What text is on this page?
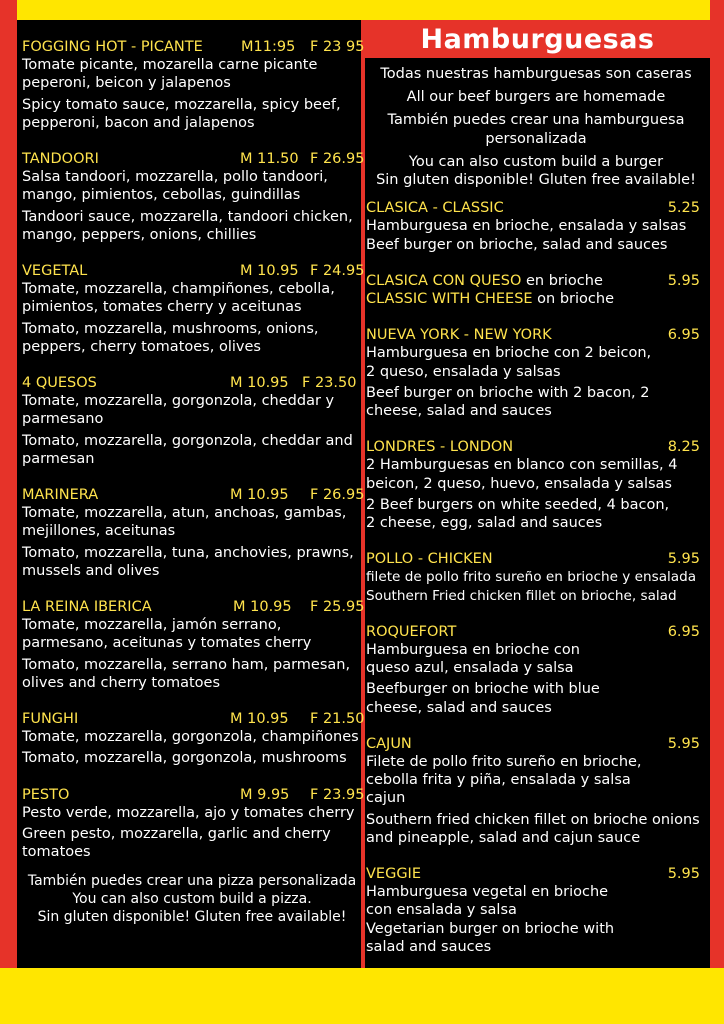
FOGGING HOT - PICANTE	M11:95 F 23 95

Tomate picante, mozarella carne picante peperoni, beicon y jalapenos

Spicy tomato sauce, mozzarella, spicy beef, pepperoni, bacon and jalapenos

TANDOORI	M 11.50 F 26.95

Salsa tandoori, mozzarella, pollo tandoori, mango, pimientos, cebollas, guindillas

Tandoori sauce, mozzarella, tandoori chicken, mango, peppers, onions, chillies

VEGETAL	M 10.95 F 24.95

Tomate, mozzarella, champiñones, cebolla, pimientos, tomates cherry y aceitunas

Tomato, mozzarella, mushrooms, onions, peppers, cherry tomatoes, olives

4 QUESOS	M 10.95 F 23.50

Tomate, mozzarella, gorgonzola, cheddar y parmesano

Tomato, mozzarella, gorgonzola, cheddar and parmesan

MARINERA	M 10.95 F 26.95

Tomate, mozzarella, atun, anchoas, gambas, mejillones, aceitunas

Tomato, mozzarella, tuna, anchovies, prawns, mussels and olives

LA REINA IBERICA	M 10.95 F 25.95

Tomate, mozzarella, jamón serrano, parmesano, aceitunas y tomates cherry

Tomato, mozzarella, serrano ham, parmesan, olives and cherry tomatoes

FUNGHI	M 10.95 F 21.50

Tomate, mozzarella, gorgonzola, champiñones

Tomato, mozzarella, gorgonzola, mushrooms

PESTO	M 9.95 F 23.95

Pesto verde, mozzarella, ajo y tomates cherry

Green pesto, mozzarella, garlic and cherry tomatoes

También puedes crear una pizza personalizada
You can also custom build a pizza.
Sin gluten disponible! Gluten free available!
Hamburguesas

Todas nuestras hamburguesas son caseras

All our beef burgers are homemade

También puedes crear una hamburguesa personalizada

You can also custom build a burger

Sin gluten disponible! Gluten free available!

CLASICA - CLASSIC	5.25
Hamburguesa en brioche, ensalada y salsas
Beef burger on brioche, salad and sauces
CLASICA CON QUESO en brioche	5.95
CLASSIC WITH CHEESE on brioche
NUEVA YORK - NEW YORK	6.95
Hamburguesa en brioche con 2 beicon, 2 queso, ensalada y salsas
Beef burger on brioche with 2 bacon, 2 cheese, salad and sauces
LONDRES - LONDON	8.25
2 Hamburguesas en blanco con semillas, 4 beicon, 2 queso, huevo, ensalada y salsas
2 Beef burgers on white seeded, 4 bacon, 2 cheese, egg, salad and sauces
POLLO - CHICKEN	5.95
filete de pollo frito sureño en brioche y ensalada
Southern Fried chicken fillet on brioche, salad
ROQUEFORT	6.95
Hamburguesa en brioche con queso azul, ensalada y salsa
Beefburger on brioche with blue cheese, salad and sauces
CAJUN	5.95
Filete de pollo frito sureño en brioche, cebolla frita y piña, ensalada y salsa cajun
Southern fried chicken fillet on brioche onions and pineapple, salad and cajun sauce
VEGGIE	5.95
Hamburguesa vegetal en brioche con ensalada y salsa
Vegetarian burger on brioche with salad and sauces
